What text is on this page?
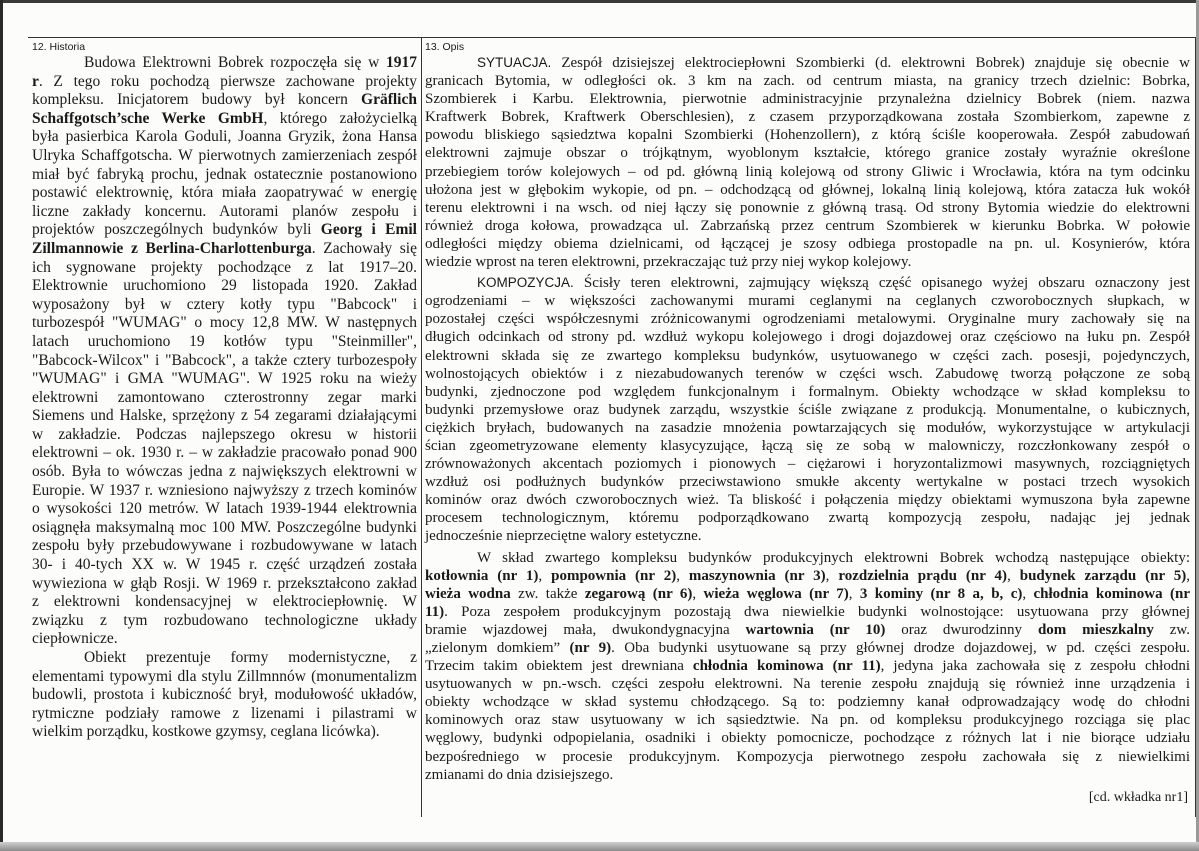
12. Historia

Budowa Elektrowni Bobrek rozpoczęła się w 1917
r. Z tego roku pochodzą pierwsze zachowane projekty
kompleksu. Inicjatorem budowy był koncern Gräflich
Schaffgotsch’sche Werke GmbH, którego założycielką
była pasierbica Karola Goduli, Joanna Gryzik, żona Hansa
Ulryka Schaffgotscha. W pierwotnych zamierzeniach zespół
miał być fabryką prochu, jednak ostatecznie postanowiono
postawić elektrownię, która miała zaopatrywać w energię
liczne zakłady koncernu. Autorami planów zespołu i
projektów poszczególnych budynków byli Georg i Emil
Zillmannowie z Berlina-Charlottenburga. Zachowały się
ich sygnowane projekty pochodzące z lat 1917–20.
Elektrownie uruchomiono 29 listopada 1920. Zakład
wyposażony był w cztery kotły typu "Babcock" i
turbozespół "WUMAG" o mocy 12,8 MW. W następnych
latach uruchomiono 19 kotłów typu "Steinmiller",
"Babcock-Wilcox" i "Babcock", a także cztery turbozespoły
"WUMAG" i GMA "WUMAG". W 1925 roku na wieży
elektrowni zamontowano czterostronny zegar marki
Siemens und Halske, sprzężony z 54 zegarami działającymi
w zakładzie. Podczas najlepszego okresu w historii
elektrowni – ok. 1930 r. – w zakładzie pracowało ponad 900
osób. Była to wówczas jedna z największych elektrowni w
Europie. W 1937 r. wzniesiono najwyższy z trzech kominów
o wysokości 120 metrów. W latach 1939-1944 elektrownia
osiągnęła maksymalną moc 100 MW. Poszczególne budynki
zespołu były przebudowywane i rozbudowywane w latach
30- i 40-tych XX w. W 1945 r. część urządzeń została
wywieziona w głąb Rosji. W 1969 r. przekształcono zakład
z elektrowni kondensacyjnej w elektrociepłownię. W
związku z tym rozbudowano technologiczne układy
ciepłownicze.

Obiekt prezentuje formy modernistyczne, z
elementami typowymi dla stylu Zillmnnów (monumentalizm
budowli, prostota i kubiczność brył, modułowość układów,
rytmiczne podziały ramowe z lizenami i pilastrami w
wielkim porządku, kostkowe gzymsy, ceglana licówka).

13. Opis

SYTUACJA. Zespół dzisiejszej elektrociepłowni Szombierki (d. elektrowni Bobrek) znajduje się obecnie w
granicach Bytomia, w odległości ok. 3 km na zach. od centrum miasta, na granicy trzech dzielnic: Bobrka,
Szombierek i Karbu. Elektrownia, pierwotnie administracyjnie przynależna dzielnicy Bobrek (niem. nazwa
Kraftwerk Bobrek, Kraftwerk Oberschlesien), z czasem przyporządkowana została Szombierkom, zapewne z
powodu bliskiego sąsiedztwa kopalni Szombierki (Hohenzollern), z którą ściśle kooperowała. Zespół zabudowań
elektrowni zajmuje obszar o trójkątnym, wyoblonym kształcie, którego granice zostały wyraźnie określone
przebiegiem torów kolejowych – od pd. główną linią kolejową od strony Gliwic i Wrocławia, która na tym odcinku
ułożona jest w głębokim wykopie, od pn. – odchodzącą od głównej, lokalną linią kolejową, która zatacza łuk wokół
terenu elektrowni i na wsch. od niej łączy się ponownie z główną trasą. Od strony Bytomia wiedzie do elektrowni
również droga kołowa, prowadząca ul. Zabrzańską przez centrum Szombierek w kierunku Bobrka. W połowie
odległości między obiema dzielnicami, od łączącej je szosy odbiega prostopadle na pn. ul. Kosynierów, która
wiedzie wprost na teren elektrowni, przekraczając tuż przy niej wykop kolejowy.

KOMPOZYCJA. Ścisły teren elektrowni, zajmujący większą część opisanego wyżej obszaru oznaczony jest
ogrodzeniami – w większości zachowanymi murami ceglanymi na ceglanych czworobocznych słupkach, w
pozostałej części współczesnymi zróżnicowanymi ogrodzeniami metalowymi. Oryginalne mury zachowały się na
długich odcinkach od strony pd. wzdłuż wykopu kolejowego i drogi dojazdowej oraz częściowo na łuku pn. Zespół
elektrowni składa się ze zwartego kompleksu budynków, usytuowanego w części zach. posesji, pojedynczych,
wolnostojących obiektów i z niezabudowanych terenów w części wsch. Zabudowę tworzą połączone ze sobą
budynki, zjednoczone pod względem funkcjonalnym i formalnym. Obiekty wchodzące w skład kompleksu to
budynki przemysłowe oraz budynek zarządu, wszystkie ściśle związane z produkcją. Monumentalne, o kubicznych,
ciężkich bryłach, budowanych na zasadzie mnożenia powtarzających się modułów, wykorzystujące w artykulacji
ścian zgeometryzowane elementy klasycyzujące, łączą się ze sobą w malowniczy, rozczłonkowany zespół o
zrównoważonych akcentach poziomych i pionowych – ciężarowi i horyzontalizmowi masywnych, rozciągniętych
wzdłuż osi podłużnych budynków przeciwstawiono smukłe akcenty wertykalne w postaci trzech wysokich
kominów oraz dwóch czworobocznych wież. Ta bliskość i połączenia między obiektami wymuszona była zapewne
procesem technologicznym, któremu podporządkowano zwartą kompozycją zespołu, nadając jej jednak
jednocześnie nieprzeciętne walory estetyczne.

W skład zwartego kompleksu budynków produkcyjnych elektrowni Bobrek wchodzą następujące obiekty:
kotłownia (nr 1), pompownia (nr 2), maszynownia (nr 3), rozdzielnia prądu (nr 4), budynek zarządu (nr 5),
wieża wodna zw. także zegarową (nr 6), wieża węglowa (nr 7), 3 kominy (nr 8 a, b, c), chłodnia kominowa (nr
11). Poza zespołem produkcyjnym pozostają dwa niewielkie budynki wolnostojące: usytuowana przy głównej
bramie wjazdowej mała, dwukondygnacyjna wartownia (nr 10) oraz dwurodzinny dom mieszkalny zw.
„zielonym domkiem” (nr 9). Oba budynki usytuowane są przy głównej drodze dojazdowej, w pd. części zespołu.
Trzecim takim obiektem jest drewniana chłodnia kominowa (nr 11), jedyna jaka zachowała się z zespołu chłodni
usytuowanych w pn.-wsch. części zespołu elektrowni. Na terenie zespołu znajdują się również inne urządzenia i
obiekty wchodzące w skład systemu chłodzącego. Są to: podziemny kanał odprowadzający wodę do chłodni
kominowych oraz staw usytuowany w ich sąsiedztwie. Na pn. od kompleksu produkcyjnego rozciąga się plac
węglowy, budynki odpopielania, osadniki i obiekty pomocnicze, pochodzące z różnych lat i nie biorące udziału
bezpośredniego w procesie produkcyjnym. Kompozycja pierwotnego zespołu zachowała się z niewielkimi
zmianami do dnia dzisiejszego.

[cd. wkładka nr1]
